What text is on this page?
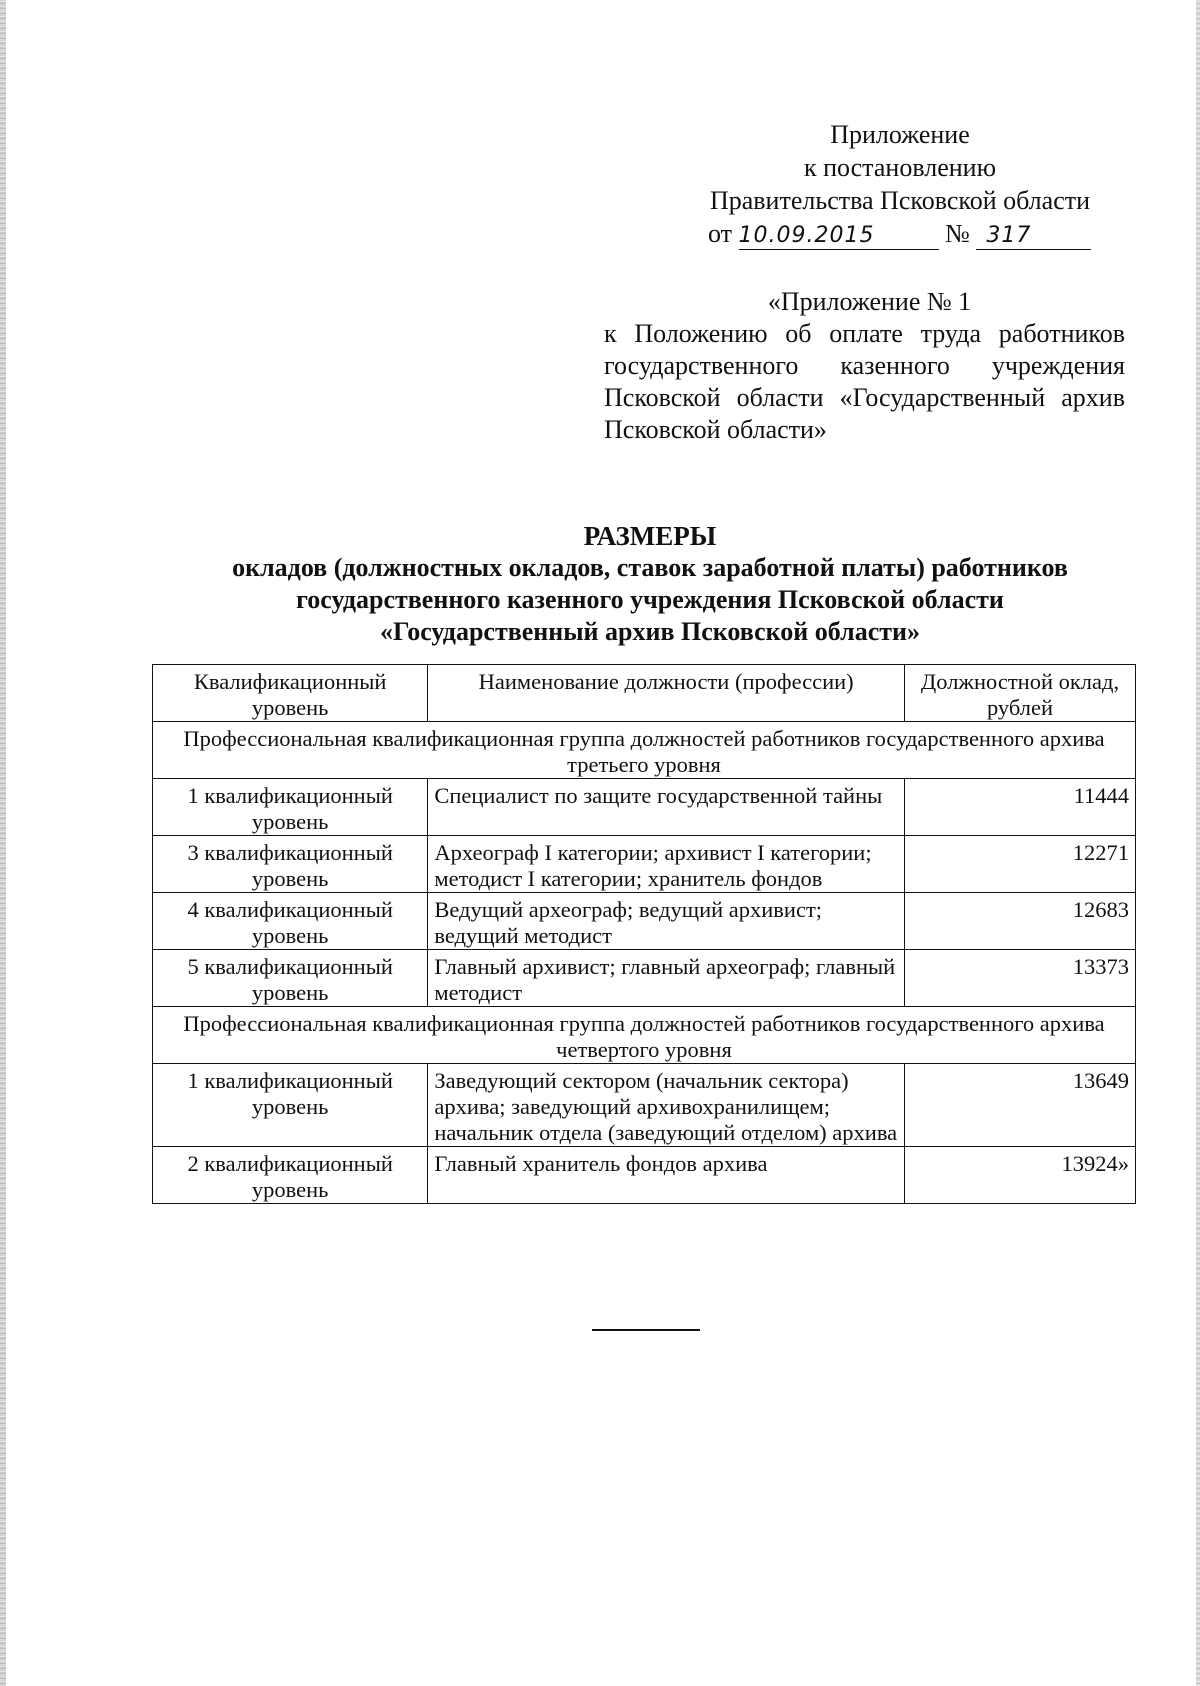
Приложение
к постановлению
Правительства Псковской области
от 10.09.2015	№ 317
«Приложение № 1
к Положению об оплате труда работников государственного казенного учреждения Псковской области «Государственный архив Псковской области»
РАЗМЕРЫ
окладов (должностных окладов, ставок заработной платы) работников
государственного казенного учреждения Псковской области
«Государственный архив Псковской области»
Квалификационный уровень	Наименование должности (профессии)	Должностной оклад, рублей
Профессиональная квалификационная группа должностей работников государственного архива третьего уровня		
1 квалификационный уровень	Специалист по защите государственной тайны	11444
3 квалификационный уровень	Археограф I категории; архивист I категории; методист I категории; хранитель фондов	12271
4 квалификационный уровень	Ведущий археограф; ведущий архивист; ведущий методист	12683
5 квалификационный уровень	Главный архивист; главный археограф; главный методист	13373
Профессиональная квалификационная группа должностей работников государственного архива четвертого уровня		
1 квалификационный уровень	Заведующий сектором (начальник сектора) архива; заведующий архивохранилищем; начальник отдела (заведующий отделом) архива	13649
2 квалификационный уровень	Главный хранитель фондов архива	13924»
